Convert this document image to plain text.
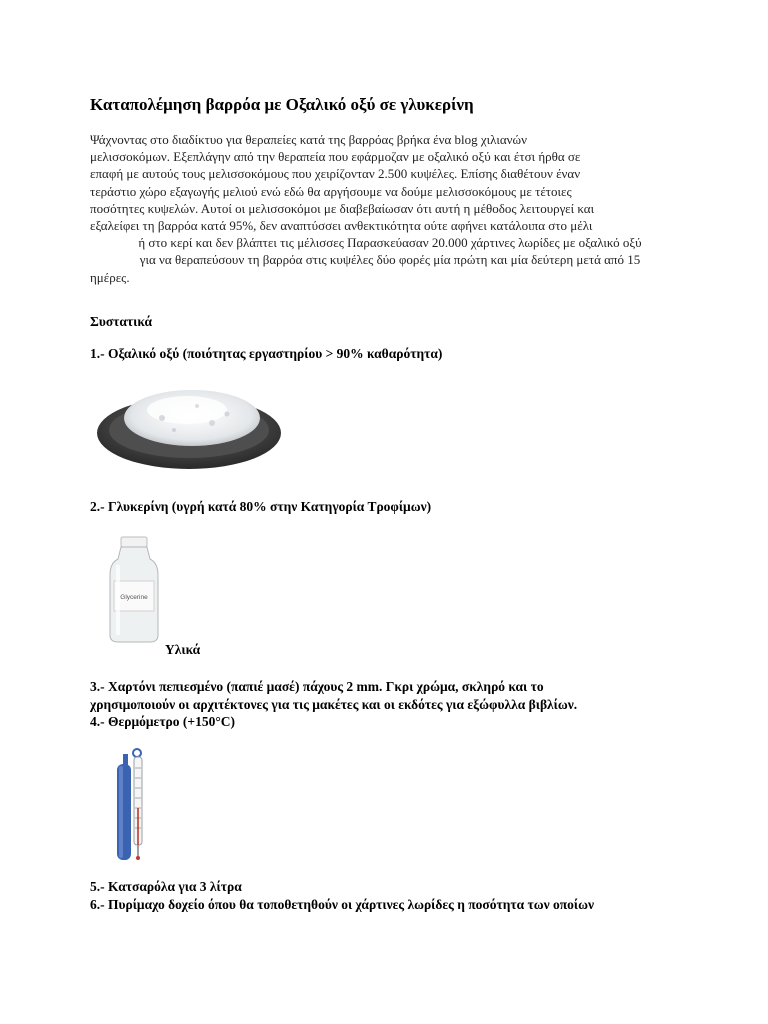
Καταπολέμηση βαρρόα με Οξαλικό οξύ σε γλυκερίνη
Ψάχνοντας στο διαδίκτυο για θεραπείες κατά της βαρρόας βρήκα ένα blog χιλιανών
μελισσοκόμων. Εξεπλάγην από την θεραπεία που εφάρμοζαν με οξαλικό οξύ και έτσι ήρθα σε
επαφή με αυτούς τους μελισσοκόμους που χειρίζονταν 2.500 κυψέλες. Επίσης διαθέτουν έναν
τεράστιο χώρο εξαγωγής μελιού ενώ εδώ θα αργήσουμε να δούμε μελισσοκόμους με τέτοιες
ποσότητες κυψελών. Αυτοί οι μελισσοκόμοι με διαβεβαίωσαν ότι αυτή η μέθοδος λειτουργεί και
εξαλείφει τη βαρρόα κατά 95%, δεν αναπτύσσει ανθεκτικότητα ούτε αφήνει κατάλοιπα στο μέλι
ή στο κερί και δεν βλάπτει τις μέλισσες Παρασκεύασαν 20.000 χάρτινες λωρίδες με οξαλικό οξύ
για να θεραπεύσουν τη βαρρόα στις κυψέλες δύο φορές μία πρώτη και μία δεύτερη μετά από 15
ημέρες.
Συστατικά
1.- Οξαλικό οξύ (ποιότητας εργαστηρίου > 90% καθαρότητα)
2.- Γλυκερίνη (υγρή κατά 80% στην Κατηγορία Τροφίμων)
Glycerine
Υλικά
3.- Χαρτόνι πεπιεσμένο (παπιέ μασέ) πάχους 2 mm. Γκρι χρώμα, σκληρό και το
χρησιμοποιούν οι αρχιτέκτονες για τις μακέτες και οι εκδότες για εξώφυλλα βιβλίων.
4.- Θερμόμετρο (+150°C)
5.- Κατσαρόλα για 3 λίτρα
6.- Πυρίμαχο δοχείο όπου θα τοποθετηθούν οι χάρτινες λωρίδες η ποσότητα των οποίων
